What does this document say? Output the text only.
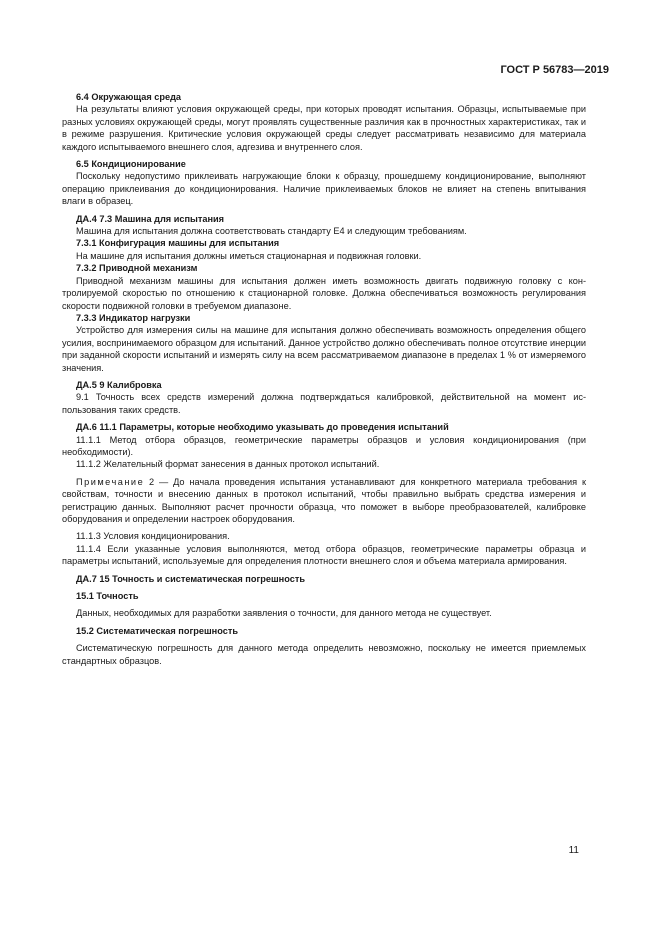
ГОСТ Р 56783—2019

6.4 Окружающая среда

На результаты влияют условия окружающей среды, при которых проводят испытания. Образцы, испытываемые при разных условиях окружающей среды, могут проявлять существенные различия как в прочностных характеристиках, так и в режиме разрушения. Критические условия окружающей среды следует рассматривать независимо для материала каждого испытываемого внешнего слоя, адгезива и внутреннего слоя.

6.5 Кондиционирование

Поскольку недопустимо приклеивать нагружающие блоки к образцу, прошедшему кондиционирование, выполняют операцию приклеивания до кондиционирования. Наличие приклеиваемых блоков не влияет на степень впитывания влаги в образец.

ДА.4 7.3 Машина для испытания

Машина для испытания должна соответствовать стандарту Е4 и следующим требованиям.

7.3.1 Конфигурация машины для испытания

На машине для испытания должны иметься стационарная и подвижная головки.

7.3.2 Приводной механизм

Приводной механизм машины для испытания должен иметь возможность двигать подвижную головку с контролируемой скоростью по отношению к стационарной головке. Должна обеспечиваться возможность регулирования скорости подвижной головки в требуемом диапазоне.

7.3.3 Индикатор нагрузки

Устройство для измерения силы на машине для испытания должно обеспечивать возможность определения общего усилия, воспринимаемого образцом для испытаний. Данное устройство должно обеспечивать полное отсутствие инерции при заданной скорости испытаний и измерять силу на всем рассматриваемом диапазоне в пределах 1 % от измеряемого значения.

ДА.5 9 Калибровка

9.1 Точность всех средств измерений должна подтверждаться калибровкой, действительной на момент использования таких средств.

ДА.6 11.1 Параметры, которые необходимо указывать до проведения испытаний

11.1.1 Метод отбора образцов, геометрические параметры образцов и условия кондиционирования (при необходимости).

11.1.2 Желательный формат занесения в данных протокол испытаний.

Примечание 2 — До начала проведения испытания устанавливают для конкретного материала требования к свойствам, точности и внесению данных в протокол испытаний, чтобы правильно выбрать средства измерения и регистрацию данных. Выполняют расчет прочности образца, что поможет в выборе преобразователей, калибровке оборудования и определении настроек оборудования.

11.1.3 Условия кондиционирования.

11.1.4 Если указанные условия выполняются, метод отбора образцов, геометрические параметры образца и параметры испытаний, используемые для определения плотности внешнего слоя и объема материала армирования.

ДА.7 15 Точность и систематическая погрешность

15.1 Точность

Данных, необходимых для разработки заявления о точности, для данного метода не существует.

15.2 Систематическая погрешность

Систематическую погрешность для данного метода определить невозможно, поскольку не имеется приемлемых стандартных образцов.

11
